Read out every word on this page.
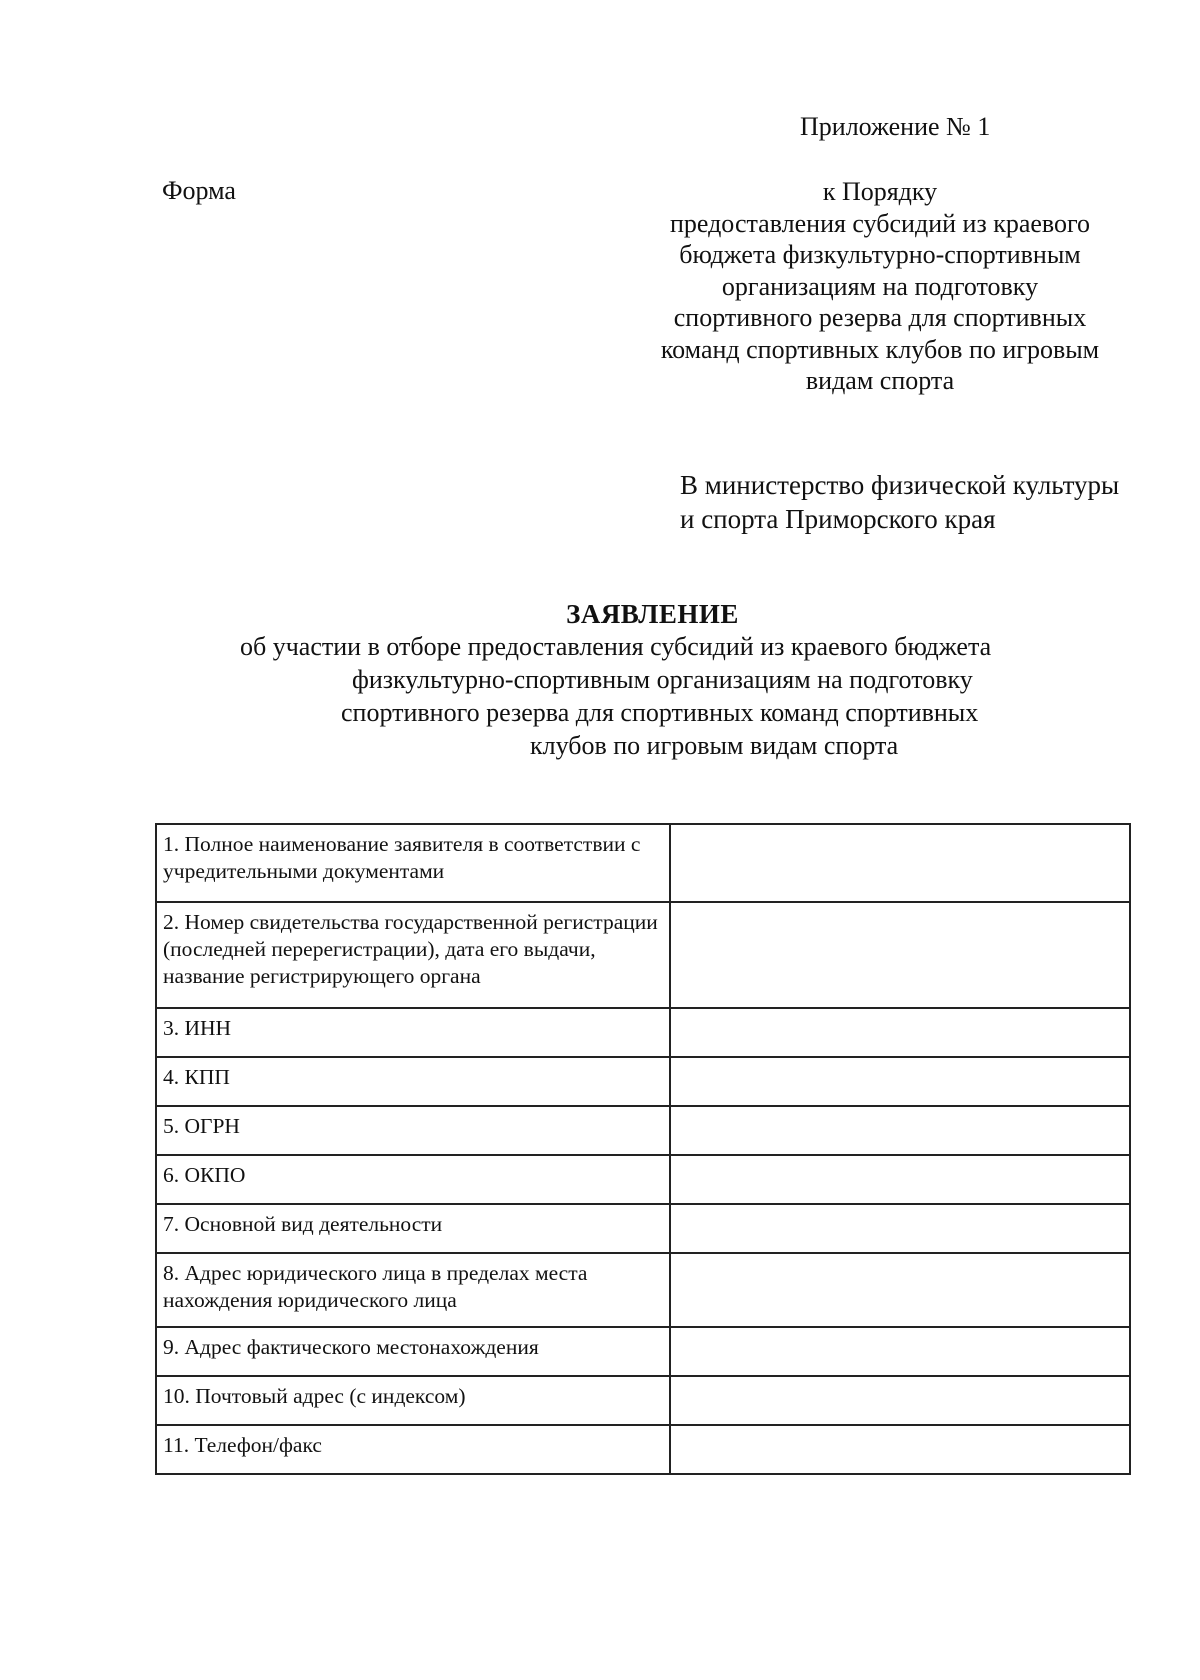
Приложение № 1
Форма	к Порядку
предоставления субсидий из краевого
бюджета физкультурно-спортивным
организациям на подготовку
спортивного резерва для спортивных
команд спортивных клубов по игровым
видам спорта
В министерство физической культуры
и спорта Приморского края
ЗАЯВЛЕНИЕ
об участии в отборе предоставления субсидий из краевого бюджета
физкультурно-спортивным организациям на подготовку
спортивного резерва для спортивных команд спортивных
клубов по игровым видам спорта
1. Полное наименование заявителя в соответствии с учредительными документами	
2. Номер свидетельства государственной регистрации (последней перерегистрации), дата его выдачи, название регистрирующего органа	
3. ИНН	
4. КПП	
5. ОГРН	
6. ОКПО	
7. Основной вид деятельности	
8. Адрес юридического лица в пределах места нахождения юридического лица	
9. Адрес фактического местонахождения	
10. Почтовый адрес (с индексом)	
11. Телефон/факс	
